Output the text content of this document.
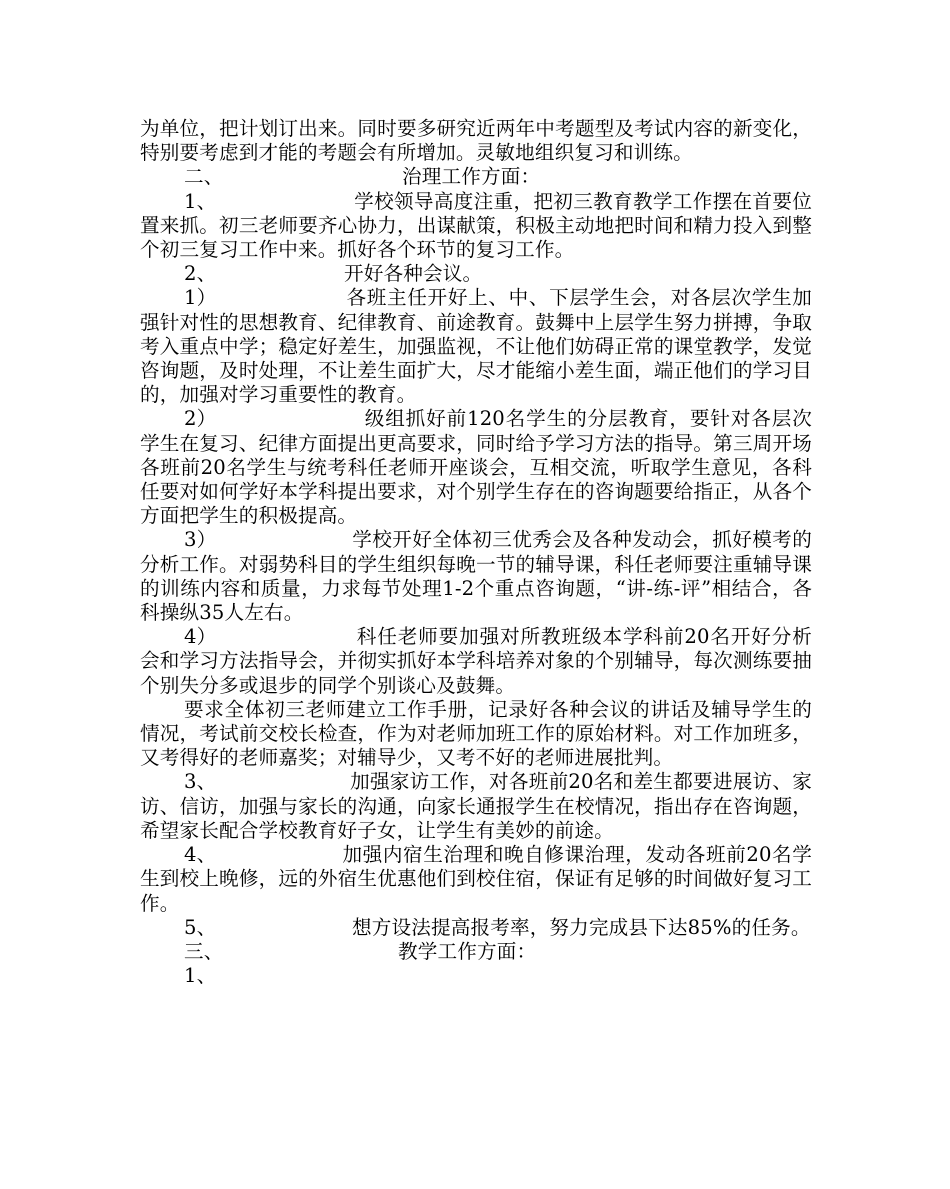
为单位，把计划订出来。同时要多研究近两年中考题型及考试内容的新变化，特别要考虑到才能的考题会有所增加。灵敏地组织复习和训练。

二、	治理工作方面：

1、	学校领导高度注重，把初三教育教学工作摆在首要位置来抓。初三老师要齐心协力，出谋献策，积极主动地把时间和精力投入到整个初三复习工作中来。抓好各个环节的复习工作。

2、	开好各种会议。

1）	各班主任开好上、中、下层学生会，对各层次学生加强针对性的思想教育、纪律教育、前途教育。鼓舞中上层学生努力拼搏，争取考入重点中学；稳定好差生，加强监视，不让他们妨碍正常的课堂教学，发觉咨询题，及时处理，不让差生面扩大，尽才能缩小差生面，端正他们的学习目的，加强对学习重要性的教育。

2）	级组抓好前120名学生的分层教育，要针对各层次学生在复习、纪律方面提出更高要求，同时给予学习方法的指导。第三周开场各班前20名学生与统考科任老师开座谈会，互相交流，听取学生意见，各科任要对如何学好本学科提出要求，对个别学生存在的咨询题要给指正，从各个方面把学生的积极提高。

3）	学校开好全体初三优秀会及各种发动会，抓好模考的分析工作。对弱势科目的学生组织每晚一节的辅导课，科任老师要注重辅导课的训练内容和质量，力求每节处理1-2个重点咨询题，“讲-练-评”相结合，各科操纵35人左右。

4）	科任老师要加强对所教班级本学科前20名开好分析会和学习方法指导会，并彻实抓好本学科培养对象的个别辅导，每次测练要抽个别失分多或退步的同学个别谈心及鼓舞。

要求全体初三老师建立工作手册，记录好各种会议的讲话及辅导学生的情况，考试前交校长检查，作为对老师加班工作的原始材料。对工作加班多，又考得好的老师嘉奖；对辅导少，又考不好的老师进展批判。

3、	加强家访工作，对各班前20名和差生都要进展访、家访、信访，加强与家长的沟通，向家长通报学生在校情况，指出存在咨询题，希望家长配合学校教育好子女，让学生有美妙的前途。

4、	加强内宿生治理和晚自修课治理，发动各班前20名学生到校上晚修，远的外宿生优惠他们到校住宿，保证有足够的时间做好复习工作。

5、	想方设法提高报考率，努力完成县下达85%的任务。

三、	教学工作方面：

1、
